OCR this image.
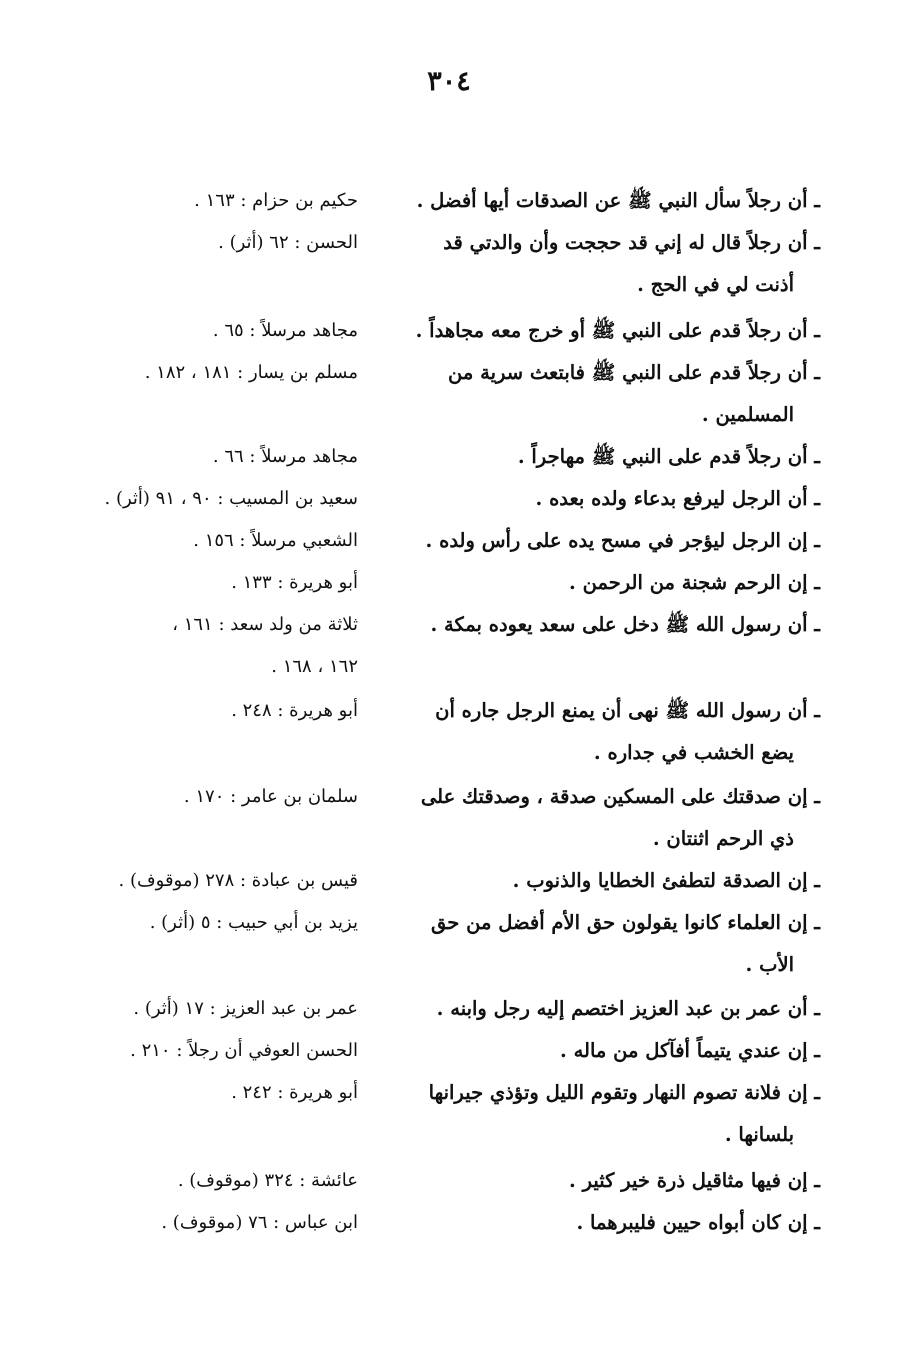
٣٠٤
ـ أن رجلاً سأل النبي ﷺ عن الصدقات أيها أفضل .
حكيم بن حزام : ١٦٣ .
ـ أن رجلاً قال له إني قد حججت وأن والدتي قد
أذنت لي في الحج .
الحسن : ٦٢ (أثر) .
ـ أن رجلاً قدم على النبي ﷺ أو خرج معه مجاهداً .
مجاهد مرسلاً : ٦٥ .
ـ أن رجلاً قدم على النبي ﷺ فابتعث سرية من
المسلمين .
مسلم بن يسار : ١٨١ ، ١٨٢ .
ـ أن رجلاً قدم على النبي ﷺ مهاجراً .
مجاهد مرسلاً : ٦٦ .
ـ أن الرجل ليرفع بدعاء ولده بعده .
سعيد بن المسيب : ٩٠ ، ٩١ (أثر) .
ـ إن الرجل ليؤجر في مسح يده على رأس ولده .
الشعبي مرسلاً : ١٥٦ .
ـ إن الرحم شجنة من الرحمن .
أبو هريرة : ١٣٣ .
ـ أن رسول الله ﷺ دخل على سعد يعوده بمكة .
ثلاثة من ولد سعد : ١٦١ ،
١٦٢ ، ١٦٨ .
ـ أن رسول الله ﷺ نهى أن يمنع الرجل جاره أن
يضع الخشب في جداره .
أبو هريرة : ٢٤٨ .
ـ إن صدقتك على المسكين صدقة ، وصدقتك على
ذي الرحم اثنتان .
سلمان بن عامر : ١٧٠ .
ـ إن الصدقة لتطفئ الخطايا والذنوب .
قيس بن عبادة : ٢٧٨ (موقوف) .
ـ إن العلماء كانوا يقولون حق الأم أفضل من حق
الأب .
يزيد بن أبي حبيب : ٥ (أثر) .
ـ أن عمر بن عبد العزيز اختصم إليه رجل وابنه .
عمر بن عبد العزيز : ١٧ (أثر) .
ـ إن عندي يتيماً أفآكل من ماله .
الحسن العوفي أن رجلاً : ٢١٠ .
ـ إن فلانة تصوم النهار وتقوم الليل وتؤذي جيرانها
بلسانها .
أبو هريرة : ٢٤٢ .
ـ إن فيها مثاقيل ذرة خير كثير .
عائشة : ٣٢٤ (موقوف) .
ـ إن كان أبواه حيين فليبرهما .
ابن عباس : ٧٦ (موقوف) .
